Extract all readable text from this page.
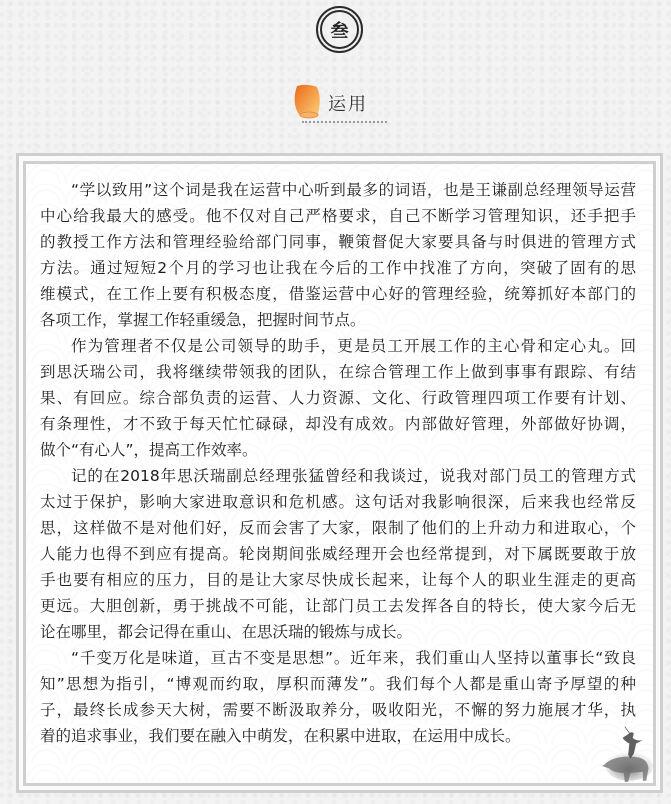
叁
运用
“学以致用”这个词是我在运营中心听到最多的词语，也是王谦副总经理领导运营
中心给我最大的感受。他不仅对自己严格要求，自己不断学习管理知识，还手把手
的教授工作方法和管理经验给部门同事，鞭策督促大家要具备与时俱进的管理方式
方法。通过短短2个月的学习也让我在今后的工作中找准了方向，突破了固有的思
维模式，在工作上要有积极态度，借鉴运营中心好的管理经验，统筹抓好本部门的
各项工作，掌握工作轻重缓急，把握时间节点。
作为管理者不仅是公司领导的助手，更是员工开展工作的主心骨和定心丸。回
到思沃瑞公司，我将继续带领我的团队，在综合管理工作上做到事事有跟踪、有结
果、有回应。综合部负责的运营、人力资源、文化、行政管理四项工作要有计划、
有条理性，才不致于每天忙忙碌碌，却没有成效。内部做好管理，外部做好协调，
做个“有心人”，提高工作效率。
记的在2018年思沃瑞副总经理张猛曾经和我谈过，说我对部门员工的管理方式
太过于保护，影响大家进取意识和危机感。这句话对我影响很深，后来我也经常反
思，这样做不是对他们好，反而会害了大家，限制了他们的上升动力和进取心，个
人能力也得不到应有提高。轮岗期间张威经理开会也经常提到，对下属既要敢于放
手也要有相应的压力，目的是让大家尽快成长起来，让每个人的职业生涯走的更高
更远。大胆创新，勇于挑战不可能，让部门员工去发挥各自的特长，使大家今后无
论在哪里，都会记得在重山、在思沃瑞的锻炼与成长。
“千变万化是味道，亘古不变是思想”。近年来，我们重山人坚持以董事长“致良
知”思想为指引，“博观而约取，厚积而薄发”。我们每个人都是重山寄予厚望的种
子，最终长成参天大树，需要不断汲取养分，吸收阳光，不懈的努力施展才华，执
着的追求事业，我们要在融入中萌发，在积累中进取，在运用中成长。
